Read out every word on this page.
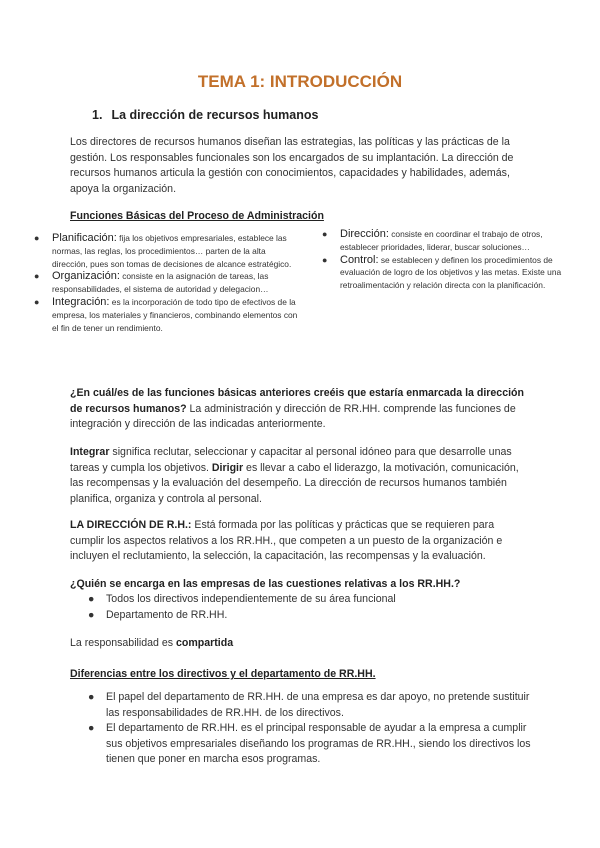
TEMA 1: INTRODUCCIÓN
1. La dirección de recursos humanos

Los directores de recursos humanos diseñan las estrategias, las políticas y las prácticas de la gestión. Los responsables funcionales son los encargados de su implantación. La dirección de recursos humanos articula la gestión con conocimientos, capacidades y habilidades, además, apoya la organización.

Funciones Básicas del Proceso de Administración

● Planificación: fija los objetivos empresariales, establece las normas, las reglas, los procedimientos… parten de la alta dirección, pues son tomas de decisiones de alcance estratégico.
● Organización: consiste en la asignación de tareas, las responsabilidades, el sistema de autoridad y delegacion…
● Integración: es la incorporación de todo tipo de efectivos de la empresa, los materiales y financieros, combinando elementos con el fin de tener un rendimiento.
● Dirección: consiste en coordinar el trabajo de otros, establecer prioridades, liderar, buscar soluciones…
● Control: se establecen y definen los procedimientos de evaluación de logro de los objetivos y las metas. Existe una retroalimentación y relación directa con la planificación.

¿En cuál/es de las funciones básicas anteriores creéis que estaría enmarcada la dirección de recursos humanos? La administración y dirección de RR.HH. comprende las funciones de integración y dirección de las indicadas anteriormente.

Integrar significa reclutar, seleccionar y capacitar al personal idóneo para que desarrolle unas tareas y cumpla los objetivos. Dirigir es llevar a cabo el liderazgo, la motivación, comunicación, las recompensas y la evaluación del desempeño. La dirección de recursos humanos también planifica, organiza y controla al personal.

LA DIRECCIÓN DE R.H.: Está formada por las políticas y prácticas que se requieren para cumplir los aspectos relativos a los RR.HH., que competen a un puesto de la organización e incluyen el reclutamiento, la selección, la capacitación, las recompensas y la evaluación.

¿Quién se encarga en las empresas de las cuestiones relativas a los RR.HH.?

● Todos los directivos independientemente de su área funcional
● Departamento de RR.HH.

La responsabilidad es compartida

Diferencias entre los directivos y el departamento de RR.HH.

● El papel del departamento de RR.HH. de una empresa es dar apoyo, no pretende sustituir las responsabilidades de RR.HH. de los directivos.
● El departamento de RR.HH. es el principal responsable de ayudar a la empresa a cumplir sus objetivos empresariales diseñando los programas de RR.HH., siendo los directivos los tienen que poner en marcha esos programas.
